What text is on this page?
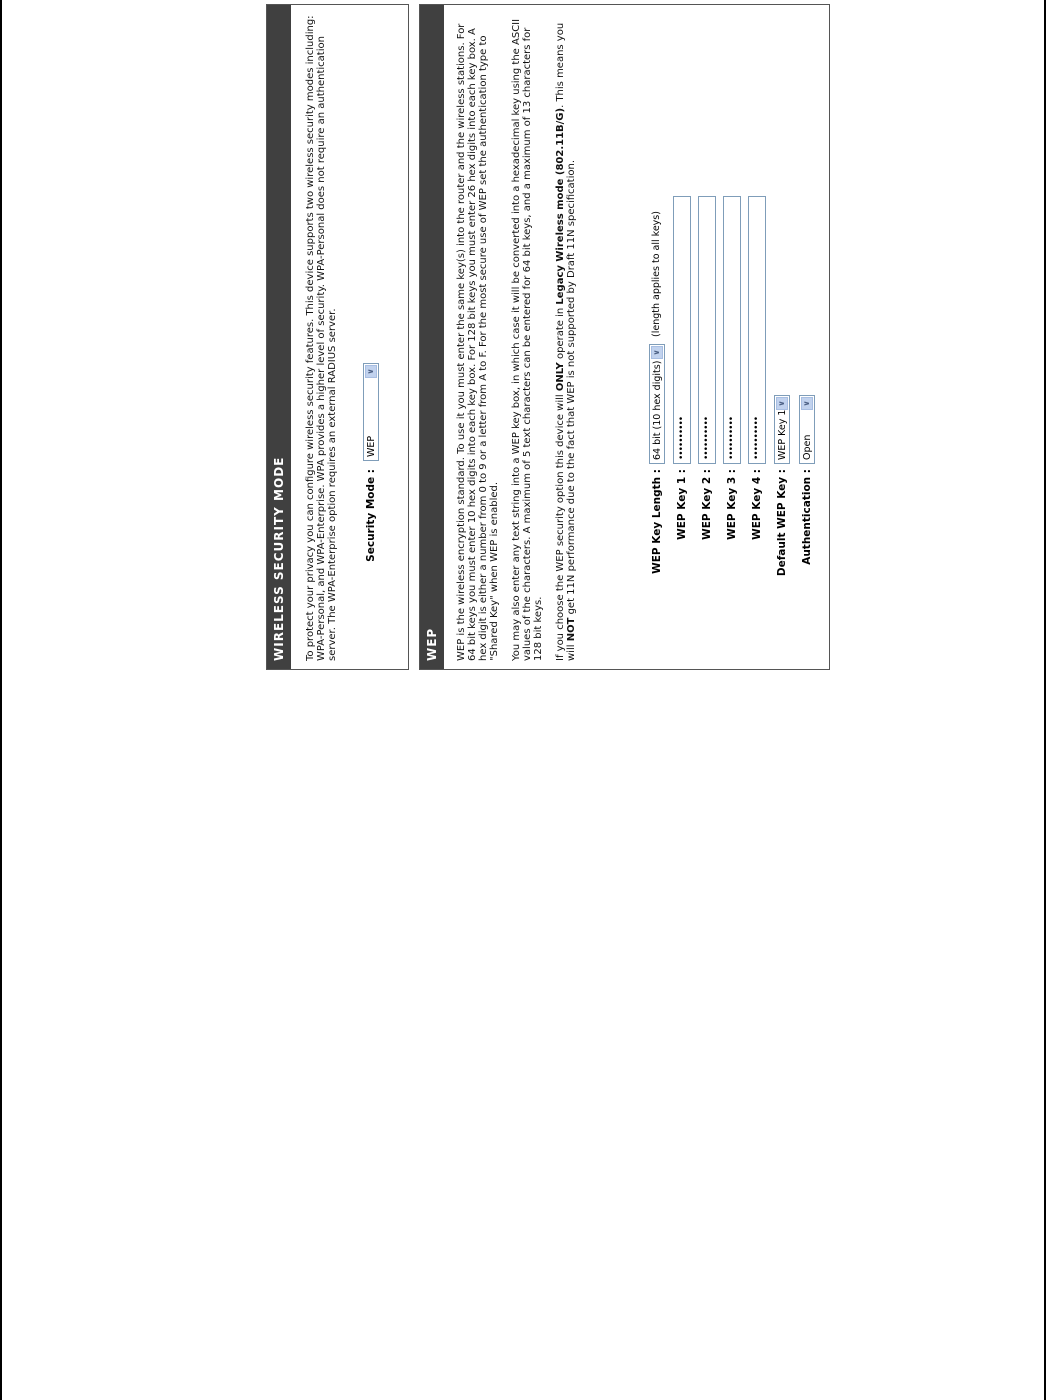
WIRELESS SECURITY MODE	To protect your privacy you can configure wireless security features. This device supports two wireless security modes including: WPA-Personal, and WPA-Enterprise. WPA provides a higher level of security. WPA-Personal does not require an authentication server. The WPA-Enterprise option requires an external RADIUS server.	Security Mode :
WEP
∨
WEP	WEP is the wireless encryption standard. To use it you must enter the same key(s) into the router and the wireless stations. For 64 bit keys you must enter 10 hex digits into each key box. For 128 bit keys you must enter 26 hex digits into each key box. A hex digit is either a number from 0 to 9 or a letter from A to F. For the most secure use of WEP set the authentication type to "Shared Key" when WEP is enabled. You may also enter any text string into a WEP key box, in which case it will be converted into a hexadecimal key using the ASCII values of the characters. A maximum of 5 text characters can be entered for 64 bit keys, and a maximum of 13 characters for 128 bit keys. If you choose the WEP security option this device will ONLY operate in Legacy Wireless mode (802.11B/G). This means you will NOT get 11N performance due to the fact that WEP is not supported by Draft 11N specification.	WEP Key Length :
64 bit (10 hex digits)
∨
(length applies to all keys)
WEP Key 1 :
••••••••••
WEP Key 2 :
••••••••••
WEP Key 3 :
••••••••••
WEP Key 4 :
••••••••••
Default WEP Key :
WEP Key 1
∨
Authentication :
Open
∨
